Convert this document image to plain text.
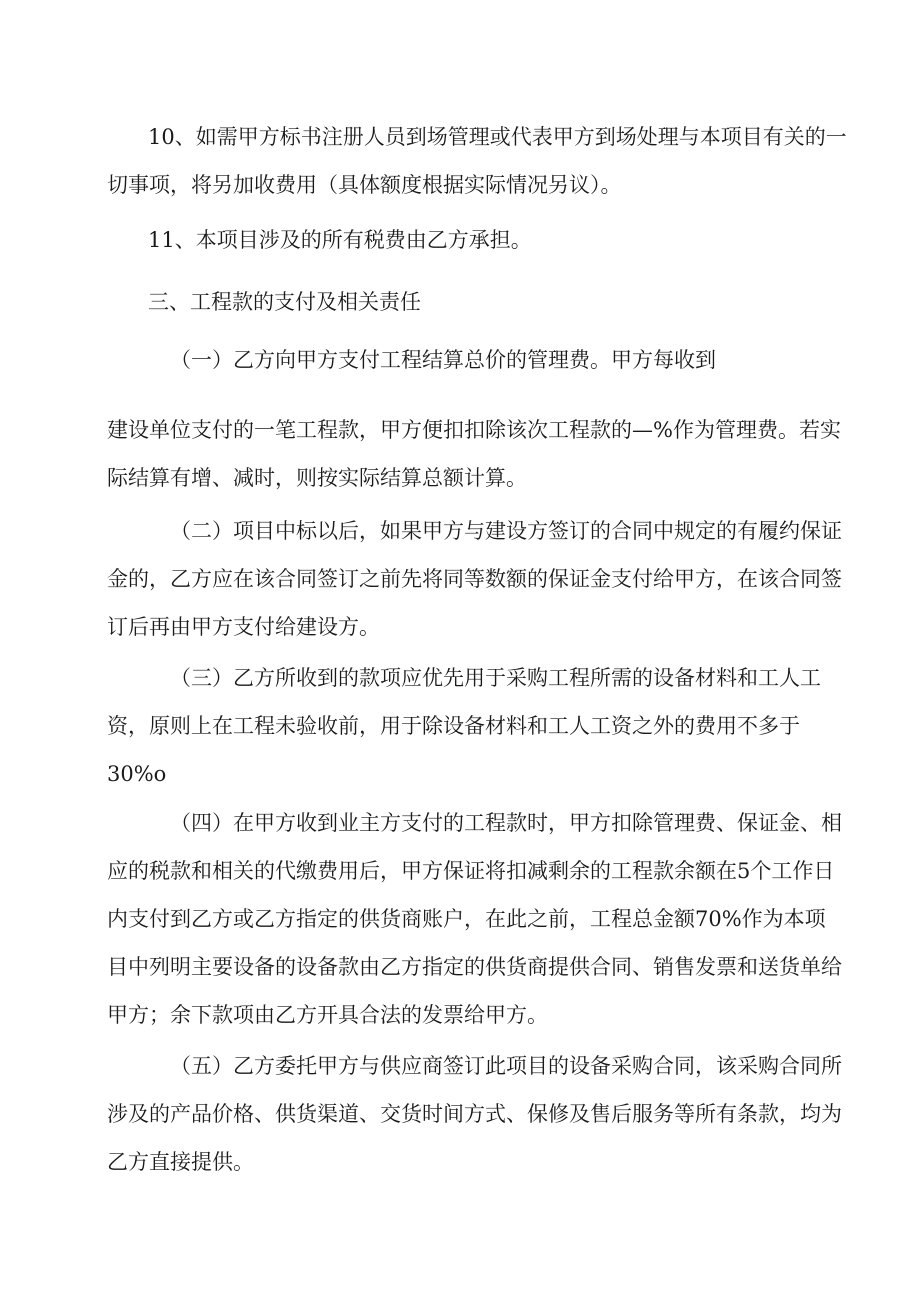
10、如需甲方标书注册人员到场管理或代表甲方到场处理与本项目有关的一
切事项，将另加收费用（具体额度根据实际情况另议）。
11、本项目涉及的所有税费由乙方承担。
三、工程款的支付及相关责任
（一）乙方向甲方支付工程结算总价的管理费。甲方每收到
建设单位支付的一笔工程款，甲方便扣扣除该次工程款的—%作为管理费。若实
际结算有增、减时，则按实际结算总额计算。
（二）项目中标以后，如果甲方与建设方签订的合同中规定的有履约保证
金的，乙方应在该合同签订之前先将同等数额的保证金支付给甲方，在该合同签
订后再由甲方支付给建设方。
（三）乙方所收到的款项应优先用于采购工程所需的设备材料和工人工
资，原则上在工程未验收前，用于除设备材料和工人工资之外的费用不多于
30%o
（四）在甲方收到业主方支付的工程款时，甲方扣除管理费、保证金、相
应的税款和相关的代缴费用后，甲方保证将扣减剩余的工程款余额在5个工作日
内支付到乙方或乙方指定的供货商账户，在此之前，工程总金额70%作为本项
目中列明主要设备的设备款由乙方指定的供货商提供合同、销售发票和送货单给
甲方；余下款项由乙方开具合法的发票给甲方。
（五）乙方委托甲方与供应商签订此项目的设备采购合同，该采购合同所
涉及的产品价格、供货渠道、交货时间方式、保修及售后服务等所有条款，均为
乙方直接提供。
